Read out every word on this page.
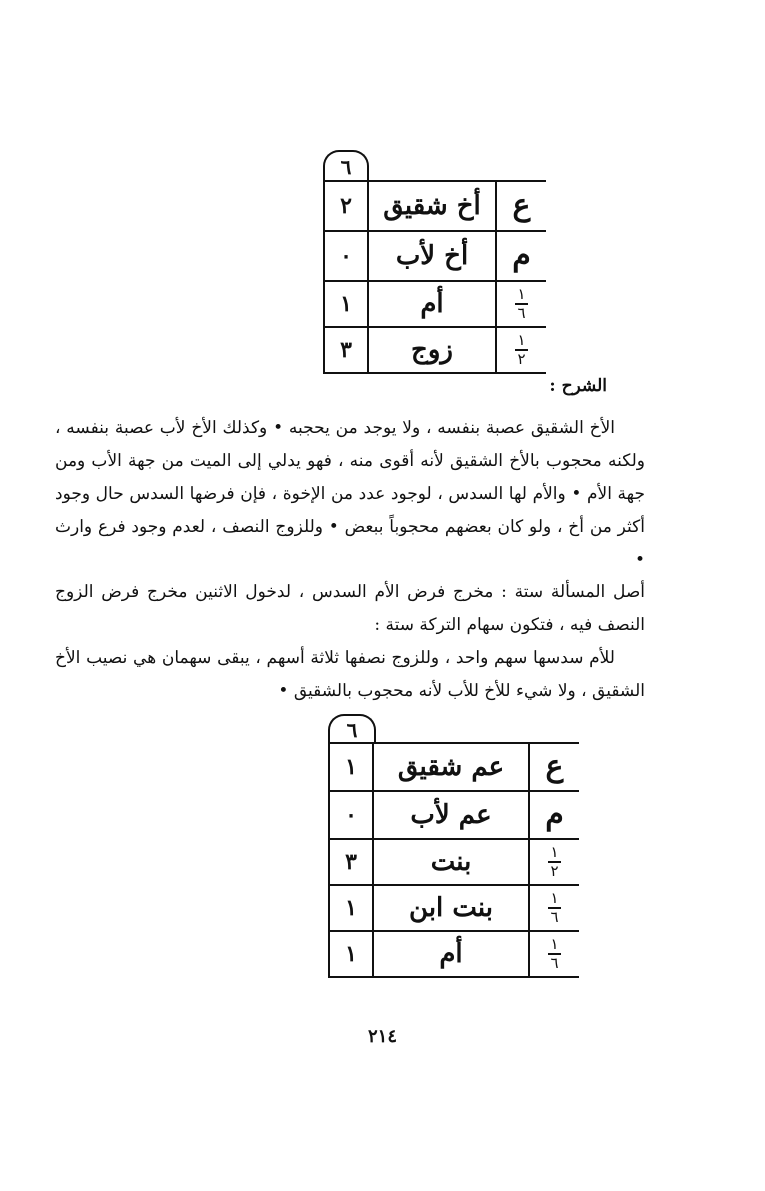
٦
ع	أخ شقيق	٢
م	أخ لأب	٠

$\frac{١}{٦}$	أم	١

$\frac{١}{٢}$	زوج	٣
الشرح :
الأخ الشقيق عصبة بنفسه ، ولا يوجد من يحجبه • وكذلك الأخ لأب عصبة بنفسه ، ولكنه محجوب بالأخ الشقيق لأنه أقوى منه ، فهو يدلي إلى الميت من جهة الأب ومن جهة الأم • والأم لها السدس ، لوجود عدد من الإخوة ، فإن فرضها السدس حال وجود أكثر من أخ ، ولو كان بعضهم محجوباً ببعض • وللزوج النصف ، لعدم وجود فرع وارث •
أصل المسألة ستة : مخرج فرض الأم السدس ، لدخول الاثنين مخرج فرض الزوج النصف فيه ، فتكون سهام التركة ستة :
للأم سدسها سهم واحد ، وللزوج نصفها ثلاثة أسهم ، يبقى سهمان هي نصيب الأخ الشقيق ، ولا شيء للأخ للأب لأنه محجوب بالشقيق •
٦
ع	عم شقيق	١
م	عم لأب	٠

$\frac{١}{٢}$	بنت	٣

$\frac{١}{٦}$	بنت ابن	١

$\frac{١}{٦}$	أم	١
٢١٤
